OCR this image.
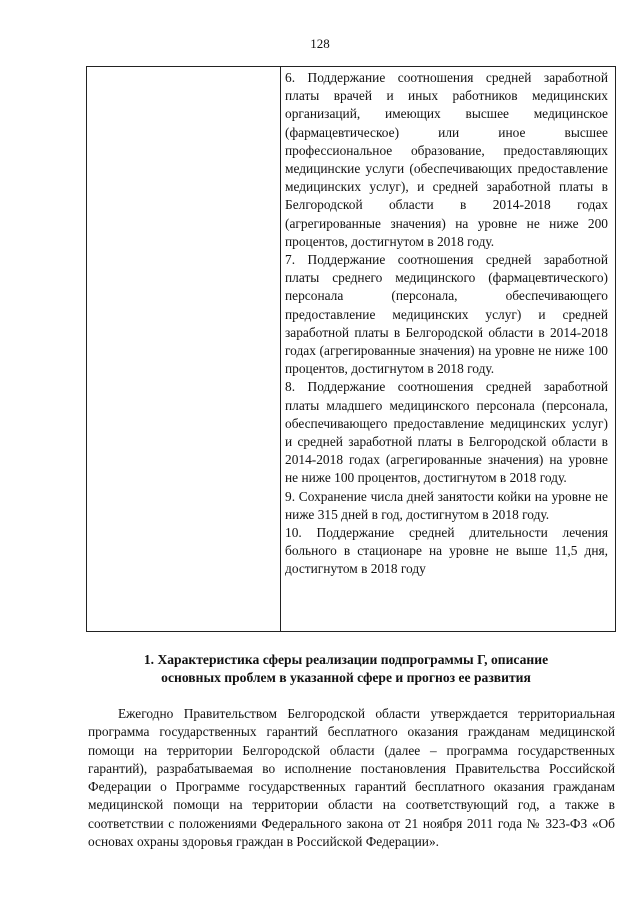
128

6. Поддержание соотношения средней заработной платы врачей и иных работников медицинских организаций, имеющих высшее медицинское (фармацевтическое) или иное высшее профессиональное образование, предоставляющих медицинские услуги (обеспечивающих предоставление медицинских услуг), и средней заработной платы в Белгородской области в 2014-2018 годах (агрегированные значения) на уровне не ниже 200 процентов, достигнутом в 2018 году.

7. Поддержание соотношения средней заработной платы среднего медицинского (фармацевтического) персонала (персонала, обеспечивающего предоставление медицинских услуг) и средней заработной платы в Белгородской области в 2014-2018 годах (агрегированные значения) на уровне не ниже 100 процентов, достигнутом в 2018 году.

8. Поддержание соотношения средней заработной платы младшего медицинского персонала (персонала, обеспечивающего предоставление медицинских услуг) и средней заработной платы в Белгородской области в 2014-2018 годах (агрегированные значения) на уровне не ниже 100 процентов, достигнутом в 2018 году.

9. Сохранение числа дней занятости койки на уровне не ниже 315 дней в год, достигнутом в 2018 году.

10. Поддержание средней длительности лечения больного в стационаре на уровне не выше 11,5 дня, достигнутом в 2018 году

1. Характеристика сферы реализации подпрограммы Г, описание
основных проблем в указанной сфере и прогноз ее развития

Ежегодно Правительством Белгородской области утверждается территориальная программа государственных гарантий бесплатного оказания гражданам медицинской помощи на территории Белгородской области (далее – программа государственных гарантий), разрабатываемая во исполнение постановления Правительства Российской Федерации о Программе государственных гарантий бесплатного оказания гражданам медицинской помощи на территории области на соответствующий год, а также в соответствии с положениями Федерального закона от 21 ноября 2011 года № 323-ФЗ «Об основах охраны здоровья граждан в Российской Федерации».
